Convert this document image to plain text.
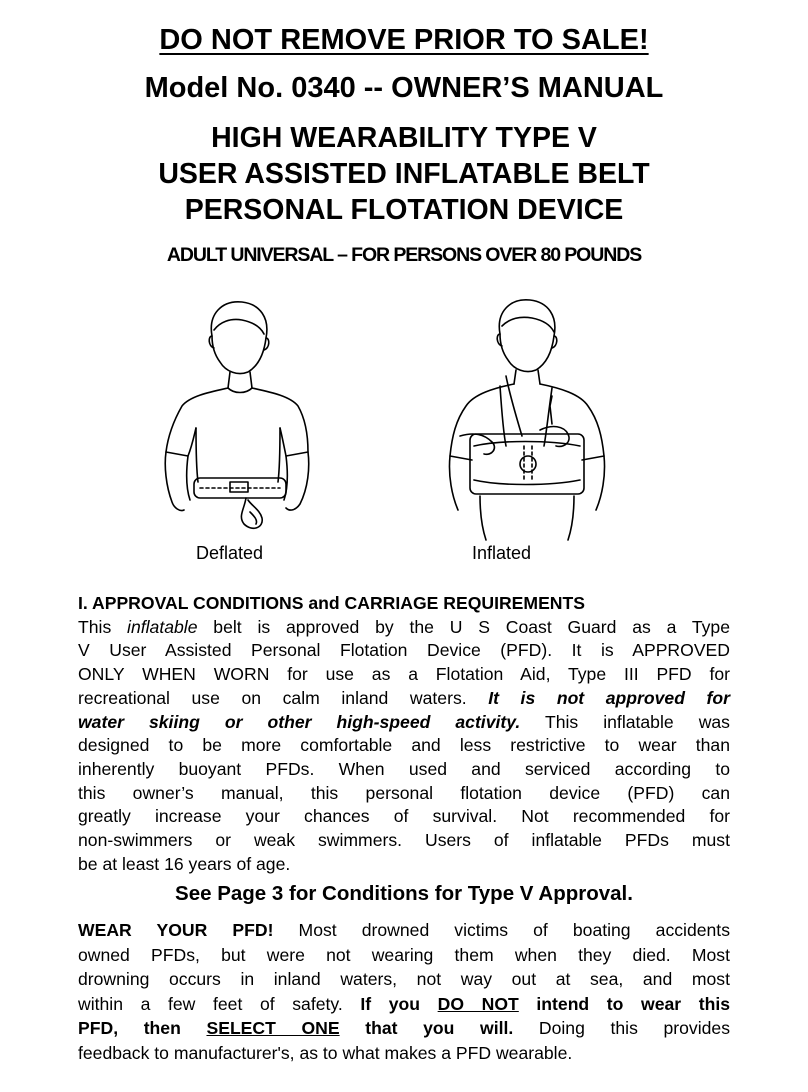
DO NOT REMOVE PRIOR TO SALE!
Model No. 0340 -- OWNER’S MANUAL
HIGH WEARABILITY TYPE V
USER ASSISTED INFLATABLE BELT
PERSONAL FLOTATION DEVICE
ADULT UNIVERSAL – FOR PERSONS OVER 80 POUNDS
Deflated	Inflated
I. APPROVAL CONDITIONS and CARRIAGE REQUIREMENTS
This inflatable belt is approved by the U S Coast Guard as a Type
V User Assisted Personal Flotation Device (PFD). It is APPROVED
ONLY WHEN WORN for use as a Flotation Aid, Type III PFD for
recreational use on calm inland waters. It is not approved for
water skiing or other high-speed activity. This inflatable was
designed to be more comfortable and less restrictive to wear than
inherently buoyant PFDs. When used and serviced according to
this owner’s manual, this personal flotation device (PFD) can
greatly increase your chances of survival. Not recommended for
non-swimmers or weak swimmers. Users of inflatable PFDs must
be at least 16 years of age.
See Page 3 for Conditions for Type V Approval.
WEAR YOUR PFD! Most drowned victims of boating accidents
owned PFDs, but were not wearing them when they died. Most
drowning occurs in inland waters, not way out at sea, and most
within a few feet of safety. If you DO NOT intend to wear this
PFD, then SELECT ONE that you will. Doing this provides
feedback to manufacturer's, as to what makes a PFD wearable.
